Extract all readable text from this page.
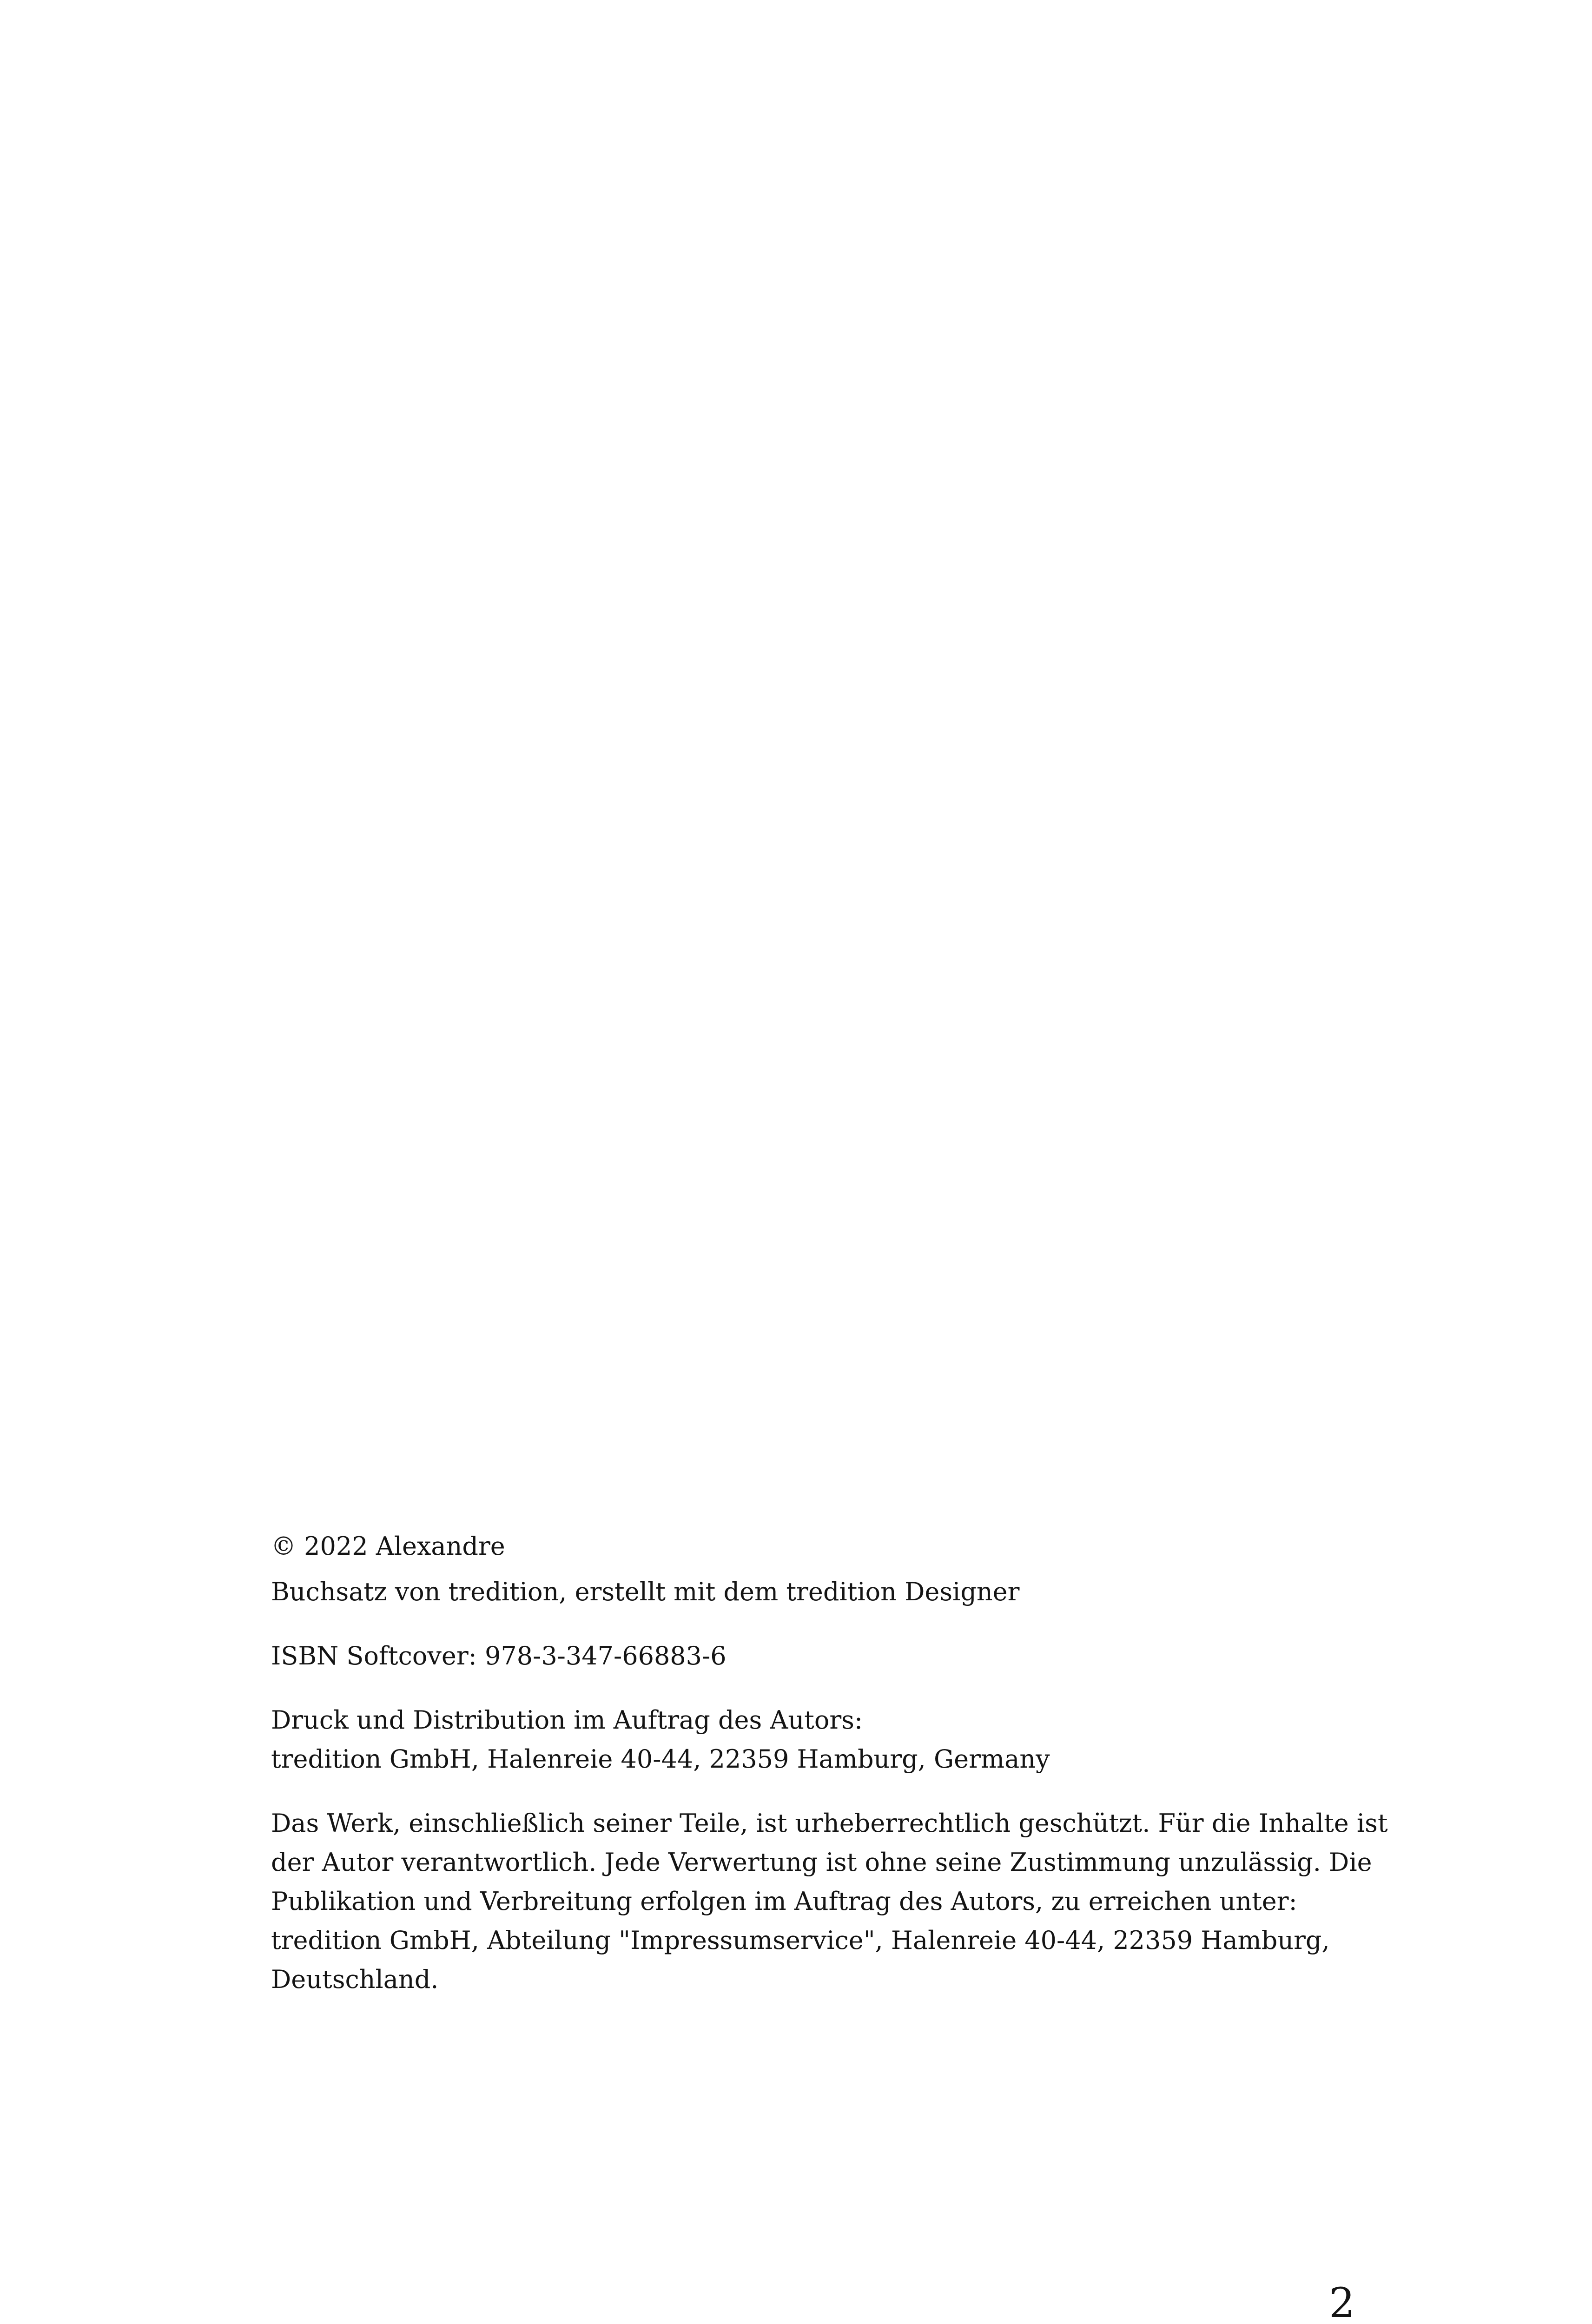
© 2022 Alexandre

Buchsatz von tredition, erstellt mit dem tredition Designer

ISBN Softcover: 978-3-347-66883-6

Druck und Distribution im Auftrag des Autors:

tredition GmbH, Halenreie 40-44, 22359 Hamburg, Germany

Das Werk, einschließlich seiner Teile, ist urheberrechtlich geschützt. Für die Inhalte ist

der Autor verantwortlich. Jede Verwertung ist ohne seine Zustimmung unzulässig. Die

Publikation und Verbreitung erfolgen im Auftrag des Autors, zu erreichen unter:

tredition GmbH, Abteilung "Impressumservice", Halenreie 40-44, 22359 Hamburg,

Deutschland.

2
